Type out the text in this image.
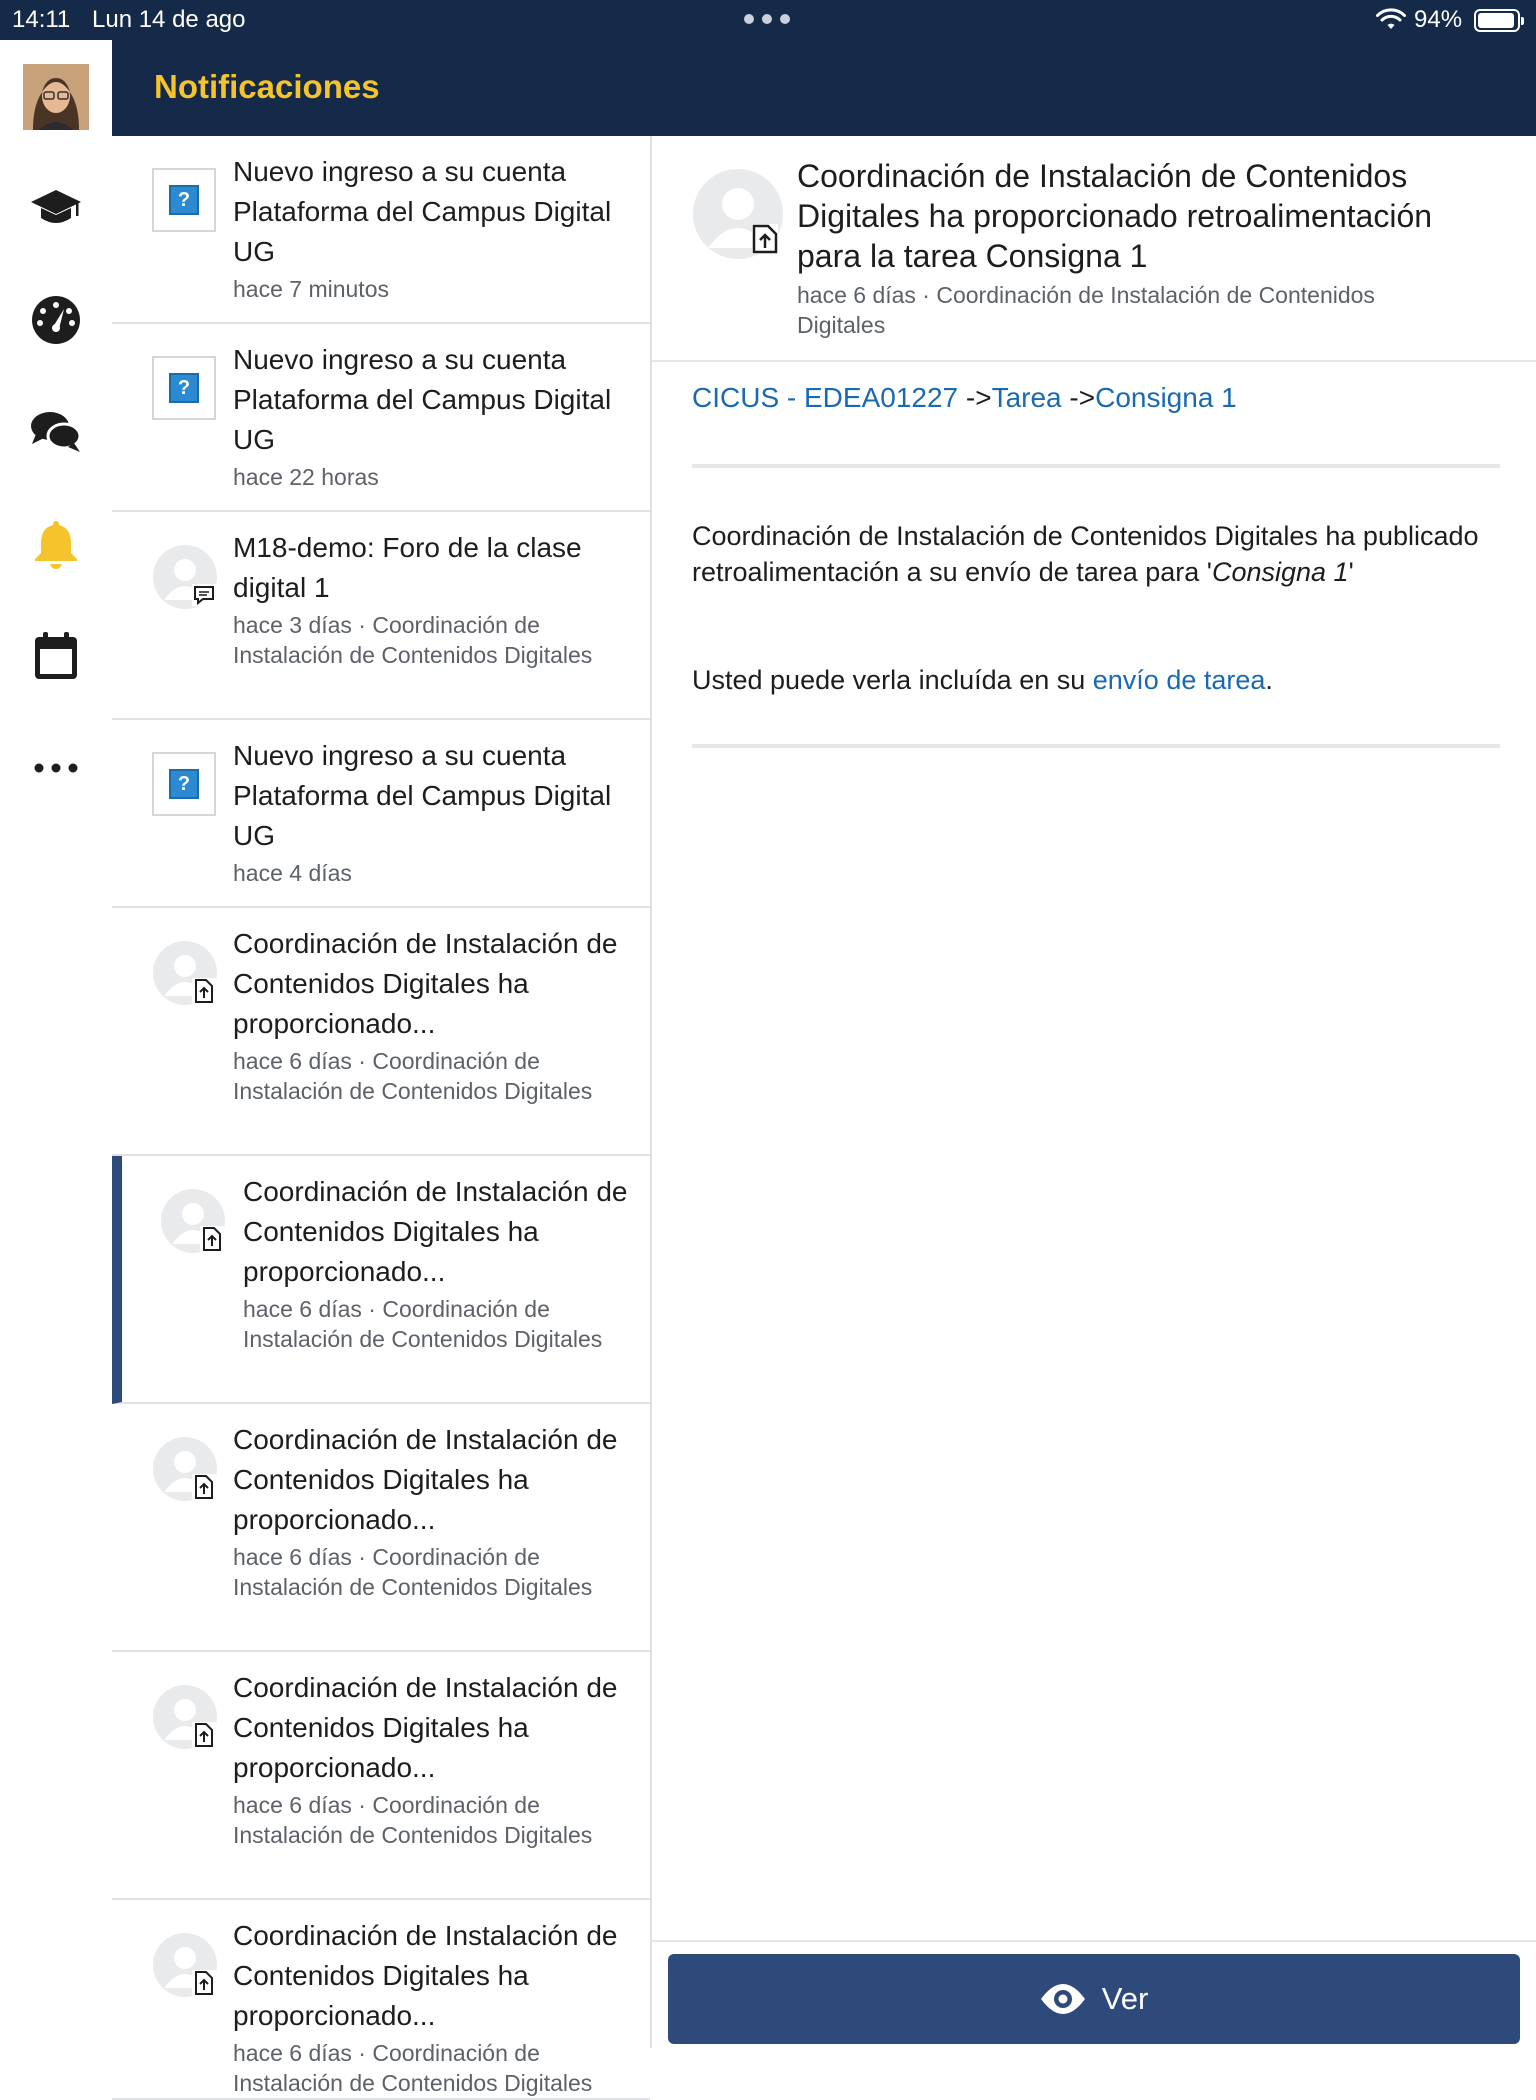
14:11 Lun 14 de ago	94%
Notificaciones
?
Nuevo ingreso a su cuenta Plataforma del Campus Digital UG
hace 7 minutos
?
Nuevo ingreso a su cuenta Plataforma del Campus Digital UG
hace 22 horas
M18-demo: Foro de la clase digital 1
hace 3 días · Coordinación de Instalación de Contenidos Digitales
?
Nuevo ingreso a su cuenta Plataforma del Campus Digital UG
hace 4 días
Coordinación de Instalación de Contenidos Digitales ha proporcionado...
hace 6 días · Coordinación de Instalación de Contenidos Digitales
Coordinación de Instalación de Contenidos Digitales ha proporcionado...
hace 6 días · Coordinación de Instalación de Contenidos Digitales
Coordinación de Instalación de Contenidos Digitales ha proporcionado...
hace 6 días · Coordinación de Instalación de Contenidos Digitales
Coordinación de Instalación de Contenidos Digitales ha proporcionado...
hace 6 días · Coordinación de Instalación de Contenidos Digitales
Coordinación de Instalación de Contenidos Digitales ha proporcionado...
hace 6 días · Coordinación de Instalación de Contenidos Digitales
Coordinación de Instalación de Contenidos Digitales ha proporcionado retroalimentación para la tarea Consigna 1
hace 6 días · Coordinación de Instalación de Contenidos Digitales
CICUS - EDEA01227 ->Tarea ->Consigna 1
Coordinación de Instalación de Contenidos Digitales ha publicado retroalimentación a su envío de tarea para 'Consigna 1'
Usted puede verla incluída en su envío de tarea.
Ver
